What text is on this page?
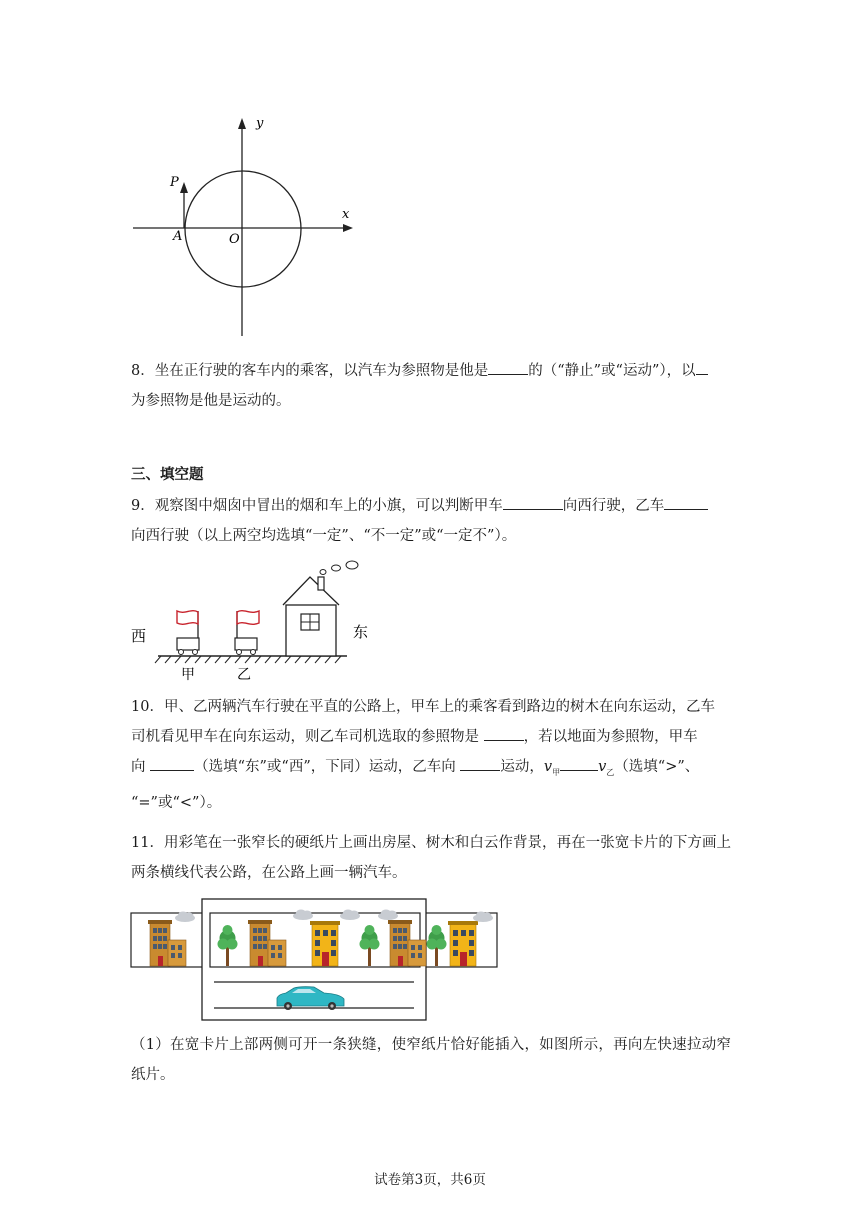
y
x
P
A	O

8．坐在正行驶的客车内的乘客，以汽车为参照物是他是	的（“静止”或“运动”），以

为参照物是他是运动的。

三、填空题

9．观察图中烟囱中冒出的烟和车上的小旗，可以判断甲车	向西行驶，乙车

向西行驶（以上两空均选填“一定”、“不一定”或“一定不”）。

西	东
甲	乙

10．甲、乙两辆汽车行驶在平直的公路上，甲车上的乘客看到路边的树木在向东运动，乙车

司机看见甲车在向东运动，则乙车司机选取的参照物是	，若以地面为参照物，甲车

向	（选填“东”或“西”，下同）运动，乙车向	运动，$v_甲$	$v_乙$（选填“>”、

“=”或“<”）。

11．用彩笔在一张窄长的硬纸片上画出房屋、树木和白云作背景，再在一张宽卡片的下方画上两条横线代表公路，在公路上画一辆汽车。

（1）在宽卡片上部两侧可开一条狭缝，使窄纸片恰好能插入，如图所示，再向左快速拉动窄纸片。

试卷第3页，共6页
